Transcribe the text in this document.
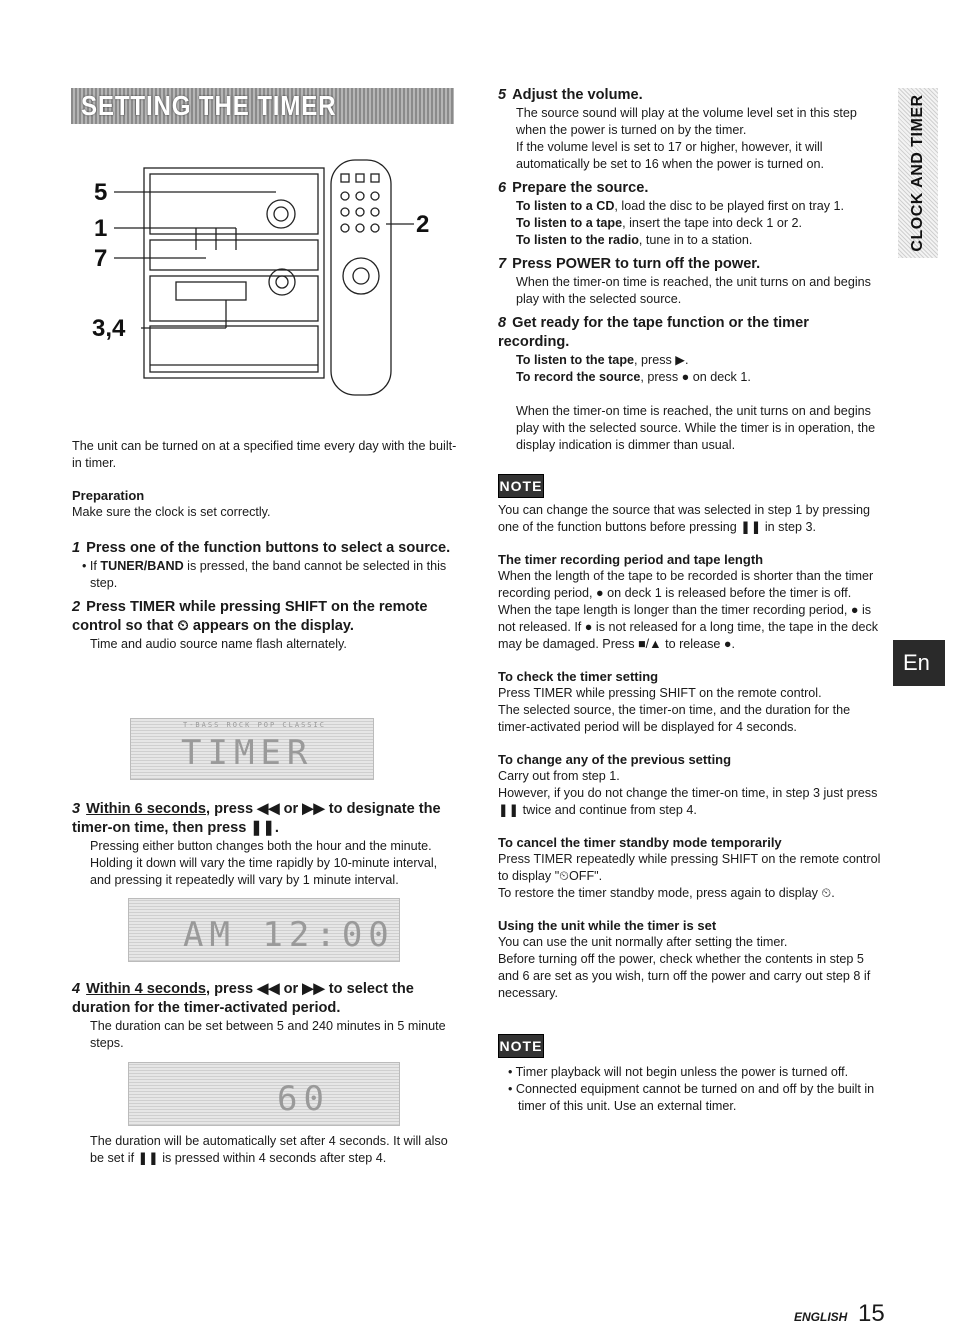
SETTING THE TIMER	CLOCK AND TIMER
En
5
1
7
3,4
2

The unit can be turned on at a specified time every day with the built-in timer.

Preparation

Make sure the clock is set correctly.

1 Press one of the function buttons to select a source.

• If TUNER/BAND is pressed, the band cannot be selected in this step.

2 Press TIMER while pressing SHIFT on the remote control so that ⏲ appears on the display.

Time and audio source name flash alternately.

T-BASS ROCK POP CLASSIC
TIMER

3 Within 6 seconds, press ◀◀ or ▶▶ to designate the timer-on time, then press ❚❚.

Pressing either button changes both the hour and the minute. Holding it down will vary the time rapidly by 10-minute interval, and pressing it repeatedly will vary by 1 minute interval.

AM 12:00

4 Within 4 seconds, press ◀◀ or ▶▶ to select the duration for the timer-activated period.

The duration can be set between 5 and 240 minutes in 5 minute steps.

60

The duration will be automatically set after 4 seconds. It will also be set if ❚❚ is pressed within 4 seconds after step 4.

5 Adjust the volume.

The source sound will play at the volume level set in this step when the power is turned on by the timer.
If the volume level is set to 17 or higher, however, it will automatically be set to 16 when the power is turned on.

6 Prepare the source.

To listen to a CD, load the disc to be played first on tray 1.

To listen to a tape, insert the tape into deck 1 or 2.

To listen to the radio, tune in to a station.

7 Press POWER to turn off the power.

When the timer-on time is reached, the unit turns on and begins play with the selected source.

8 Get ready for the tape function or the timer recording.

To listen to the tape, press ▶.

To record the source, press ● on deck 1.

When the timer-on time is reached, the unit turns on and begins play with the selected source. While the timer is in operation, the display indication is dimmer than usual.

NOTE

You can change the source that was selected in step 1 by pressing one of the function buttons before pressing ❚❚ in step 3.

The timer recording period and tape length

When the length of the tape to be recorded is shorter than the timer recording period, ● on deck 1 is released before the timer is off.
When the tape length is longer than the timer recording period, ● is not released. If ● is not released for a long time, the tape in the deck may be damaged. Press ■/▲ to release ●.

To check the timer setting

Press TIMER while pressing SHIFT on the remote control.
The selected source, the timer-on time, and the duration for the timer-activated period will be displayed for 4 seconds.

To change any of the previous setting

Carry out from step 1.
However, if you do not change the timer-on time, in step 3 just press ❚❚ twice and continue from step 4.

To cancel the timer standby mode temporarily

Press TIMER repeatedly while pressing SHIFT on the remote control to display "⏲OFF".
To restore the timer standby mode, press again to display ⏲.

Using the unit while the timer is set

You can use the unit normally after setting the timer.
Before turning off the power, check whether the contents in step 5 and 6 are set as you wish, turn off the power and carry out step 8 if necessary.

NOTE
• Timer playback will not begin unless the power is turned off.
• Connected equipment cannot be turned on and off by the built in timer of this unit. Use an external timer.
ENGLISH 15
